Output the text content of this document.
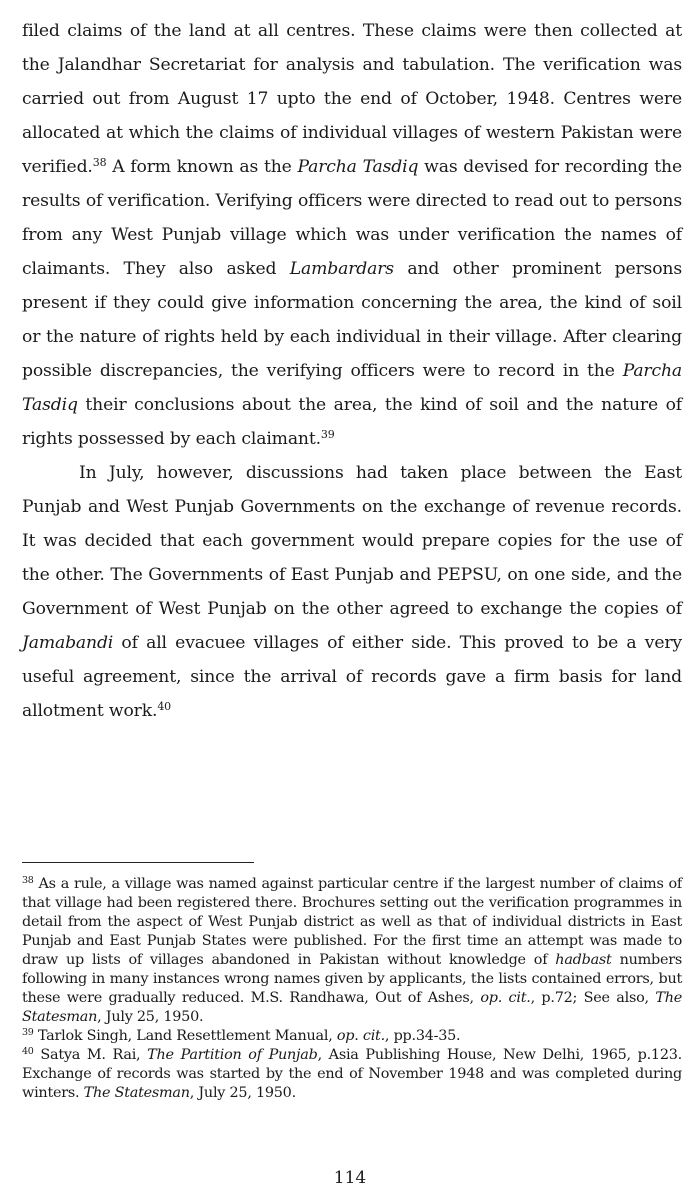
filed claims of the land at all centres. These claims were then collected at the Jalandhar Secretariat for analysis and tabulation. The verification was carried out from August 17 upto the end of October, 1948. Centres were allocated at which the claims of individual villages of western Pakistan were verified.$^{38}$ A form known as the Parcha Tasdiq was devised for recording the results of verification. Verifying officers were directed to read out to persons from any West Punjab village which was under verification the names of claimants. They also asked Lambardars and other prominent persons present if they could give information concerning the area, the kind of soil or the nature of rights held by each individual in their village. After clearing possible discrepancies, the verifying officers were to record in the Parcha Tasdiq their conclusions about the area, the kind of soil and the nature of rights possessed by each claimant.$^{39}$

In July, however, discussions had taken place between the East Punjab and West Punjab Governments on the exchange of revenue records. It was decided that each government would prepare copies for the use of the other. The Governments of East Punjab and PEPSU, on one side, and the Government of West Punjab on the other agreed to exchange the copies of Jamabandi of all evacuee villages of either side. This proved to be a very useful agreement, since the arrival of records gave a firm basis for land allotment work.$^{40}$

$^{38}$ As a rule, a village was named against particular centre if the largest number of claims of that village had been registered there. Brochures setting out the verification programmes in detail from the aspect of West Punjab district as well as that of individual districts in East Punjab and East Punjab States were published. For the first time an attempt was made to draw up lists of villages abandoned in Pakistan without knowledge of hadbast numbers following in many instances wrong names given by applicants, the lists contained errors, but these were gradually reduced. M.S. Randhawa, Out of Ashes, op. cit., p.72; See also, The Statesman, July 25, 1950.

$^{39}$ Tarlok Singh, Land Resettlement Manual, op. cit., pp.34-35.

$^{40}$ Satya M. Rai, The Partition of Punjab, Asia Publishing House, New Delhi, 1965, p.123. Exchange of records was started by the end of November 1948 and was completed during winters. The Statesman, July 25, 1950.

114
